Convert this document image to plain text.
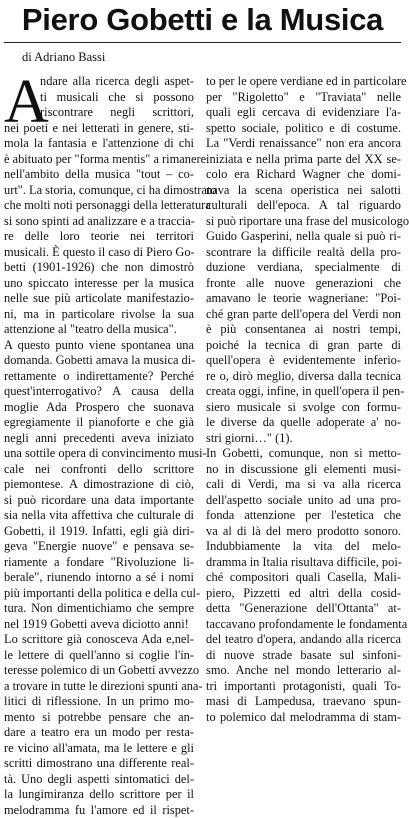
Piero Gobetti e la Musica
di Adriano Bassi
A
ndare alla ricerca degli aspet-
ti musicali che si possono
riscontrare negli scrittori,
nei poeti e nei letterati in genere, sti-
mola la fantasia e l'attenzione di chi
è abituato per "forma mentis" a rimanere
nell'ambito della musica "tout – co-
urt". La storia, comunque, ci ha dimostrato
che molti noti personaggi della letteratura
si sono spinti ad analizzare e a traccia-
re delle loro teorie nei territori
musicali. È questo il caso di Piero Go-
betti (1901-1926) che non dimostrò
uno spiccato interesse per la musica
nelle sue più articolate manifestazio-
ni, ma in particolare rivolse la sua
attenzione al "teatro della musica".
A questo punto viene spontanea una
domanda. Gobetti amava la musica di-
rettamente o indirettamente? Perché
quest'interrogativo? A causa della
moglie Ada Prospero che suonava
egregiamente il pianoforte e che già
negli anni precedenti aveva iniziato
una sottile opera di convincimento musi-
cale nei confronti dello scrittore
piemontese. A dimostrazione di ciò,
si può ricordare una data importante
sia nella vita affettiva che culturale di
Gobetti, il 1919. Infatti, egli già diri-
geva "Energie nuove" e pensava se-
riamente a fondare "Rivoluzione li-
berale", riunendo intorno a sé i nomi
più importanti della politica e della cul-
tura. Non dimentichiamo che sempre
nel 1919 Gobetti aveva diciotto anni!
Lo scrittore già conosceva Ada e,nel-
le lettere di quell'anno si coglie l'in-
teresse polemico di un Gobetti avvezzo
a trovare in tutte le direzioni spunti ana-
litici di riflessione. In un primo mo-
mento si potrebbe pensare che an-
dare a teatro era un modo per resta-
re vicino all'amata, ma le lettere e gli
scritti dimostrano una differente real-
tà. Uno degli aspetti sintomatici del-
la lungimiranza dello scrittore per il
melodramma fu l'amore ed il rispet-
to per le opere verdiane ed in particolare
per "Rigoletto" e "Traviata" nelle
quali egli cercava di evidenziare l'a-
spetto sociale, politico e di costume.
La "Verdi renaissance" non era ancora
iniziata e nella prima parte del XX se-
colo era Richard Wagner che domi-
nava la scena operistica nei salotti
culturali dell'epoca. A tal riguardo
si può riportare una frase del musicologo
Guido Gasperini, nella quale si può ri-
scontrare la difficile realtà della pro-
duzione verdiana, specialmente di
fronte alle nuove generazioni che
amavano le teorie wagneriane: "Poi-
ché gran parte dell'opera del Verdi non
è più consentanea ai nostri tempi,
poiché la tecnica di gran parte di
quell'opera è evidentemente inferio-
re o, dirò meglio, diversa dalla tecnica
creata oggi, infine, in quell'opera il pen-
siero musicale si svolge con formu-
le diverse da quelle adoperate a' no-
stri giorni…" (1).
In Gobetti, comunque, non si metto-
no in discussione gli elementi musi-
cali di Verdi, ma si va alla ricerca
dell'aspetto sociale unito ad una pro-
fonda attenzione per l'estetica che
va al di là del mero prodotto sonoro.
Indubbiamente la vita del melo-
dramma in Italia risultava difficile, poi-
ché compositori quali Casella, Mali-
piero, Pizzetti ed altri della cosid-
detta "Generazione dell'Ottanta" at-
taccavano profondamente le fondamenta
del teatro d'opera, andando alla ricerca
di nuove strade basate sul sinfoni-
smo. Anche nel mondo letterario al-
tri importanti protagonisti, quali To-
masi di Lampedusa, traevano spun-
to polemico dal melodramma di stam-
